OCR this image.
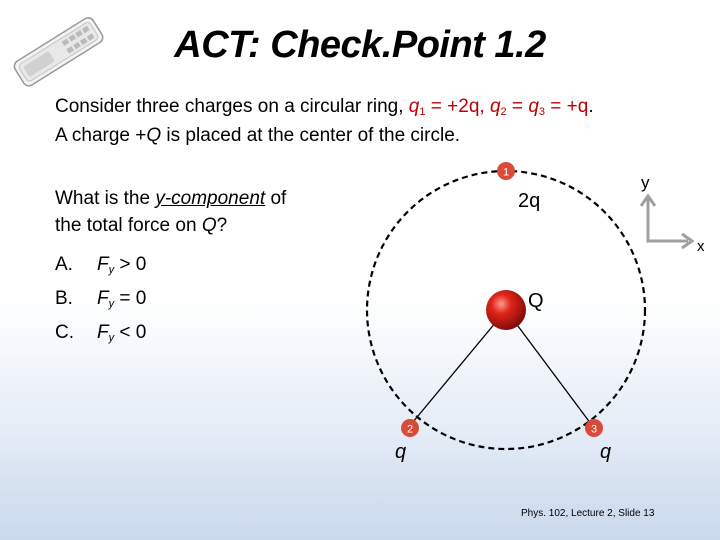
ACT: Check.Point 1.2
Consider three charges on a circular ring, $q_1 = +2q$, $q_2 = q_3 = +q$.
A charge +Q is placed at the center of the circle.
What is the y-component of
the total force on Q?
A. $F_y > 0$
B. $F_y = 0$
C. $F_y < 0$
1
2	3
2q
q	q
Q
y
x
Phys. 102, Lecture 2, Slide 13
